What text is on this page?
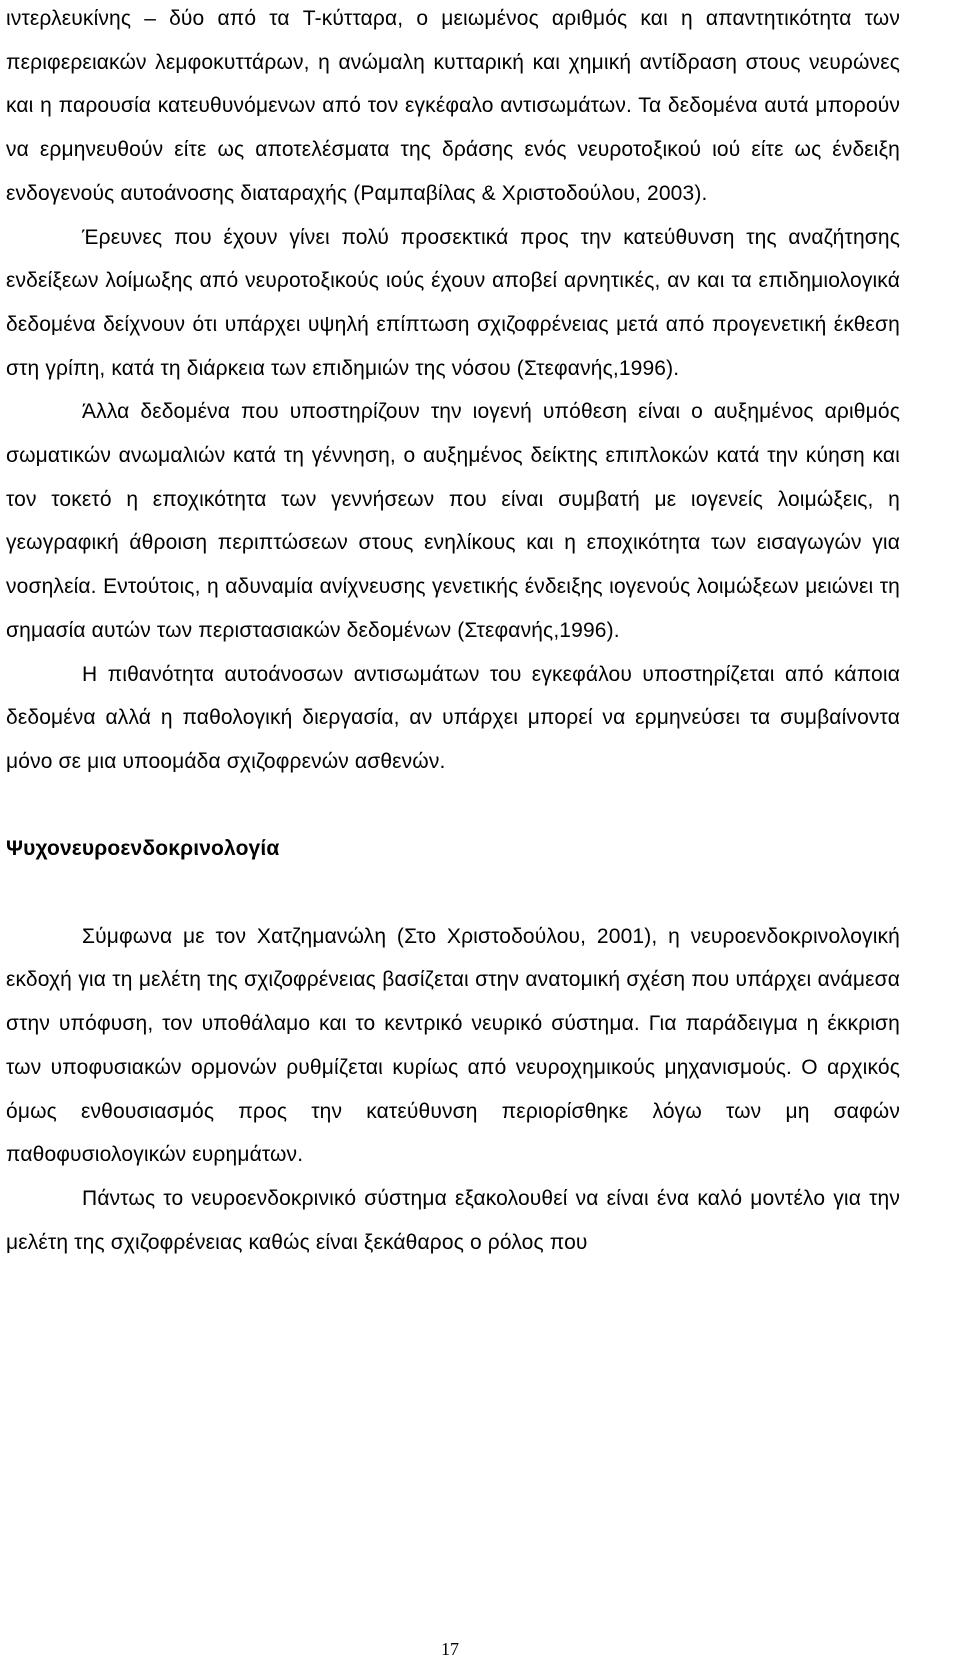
ιντερλευκίνης – δύο από τα T-κύτταρα, ο μειωμένος αριθμός και η απαντητικότητα των περιφερειακών λεμφοκυττάρων, η ανώμαλη κυτταρική και χημική αντίδραση στους νευρώνες και η παρουσία κατευθυνόμενων από τον εγκέφαλο αντισωμάτων. Τα δεδομένα αυτά μπορούν να ερμηνευθούν είτε ως αποτελέσματα της δράσης ενός νευροτοξικού ιού είτε ως ένδειξη ενδογενούς αυτοάνοσης διαταραχής (Ραμπαβίλας & Χριστοδούλου, 2003).

Έρευνες που έχουν γίνει πολύ προσεκτικά προς την κατεύθυνση της αναζήτησης ενδείξεων λοίμωξης από νευροτοξικούς ιούς έχουν αποβεί αρνητικές, αν και τα επιδημιολογικά δεδομένα δείχνουν ότι υπάρχει υψηλή επίπτωση σχιζοφρένειας μετά από προγενετική έκθεση στη γρίπη, κατά τη διάρκεια των επιδημιών της νόσου (Στεφανής,1996).

Άλλα δεδομένα που υποστηρίζουν την ιογενή υπόθεση είναι ο αυξημένος αριθμός σωματικών ανωμαλιών κατά τη γέννηση, ο αυξημένος δείκτης επιπλοκών κατά την κύηση και τον τοκετό η εποχικότητα των γεννήσεων που είναι συμβατή με ιογενείς λοιμώξεις, η γεωγραφική άθροιση περιπτώσεων στους ενηλίκους και η εποχικότητα των εισαγωγών για νοσηλεία. Εντούτοις, η αδυναμία ανίχνευσης γενετικής ένδειξης ιογενούς λοιμώξεων μειώνει τη σημασία αυτών των περιστασιακών δεδομένων (Στεφανής,1996).

Η πιθανότητα αυτοάνοσων αντισωμάτων του εγκεφάλου υποστηρίζεται από κάποια δεδομένα αλλά η παθολογική διεργασία, αν υπάρχει μπορεί να ερμηνεύσει τα συμβαίνοντα μόνο σε μια υποομάδα σχιζοφρενών ασθενών.

Ψυχονευροενδοκρινολογία

Σύμφωνα με τον Χατζημανώλη (Στο Χριστοδούλου, 2001), η νευροενδοκρινολογική εκδοχή για τη μελέτη της σχιζοφρένειας βασίζεται στην ανατομική σχέση που υπάρχει ανάμεσα στην υπόφυση, τον υποθάλαμο και το κεντρικό νευρικό σύστημα. Για παράδειγμα η έκκριση των υποφυσιακών ορμονών ρυθμίζεται κυρίως από νευροχημικούς μηχανισμούς. Ο αρχικός όμως ενθουσιασμός προς την κατεύθυνση περιορίσθηκε λόγω των μη σαφών παθοφυσιολογικών ευρημάτων.

Πάντως το νευροενδοκρινικό σύστημα εξακολουθεί να είναι ένα καλό μοντέλο για την μελέτη της σχιζοφρένειας καθώς είναι ξεκάθαρος ο ρόλος που

17
